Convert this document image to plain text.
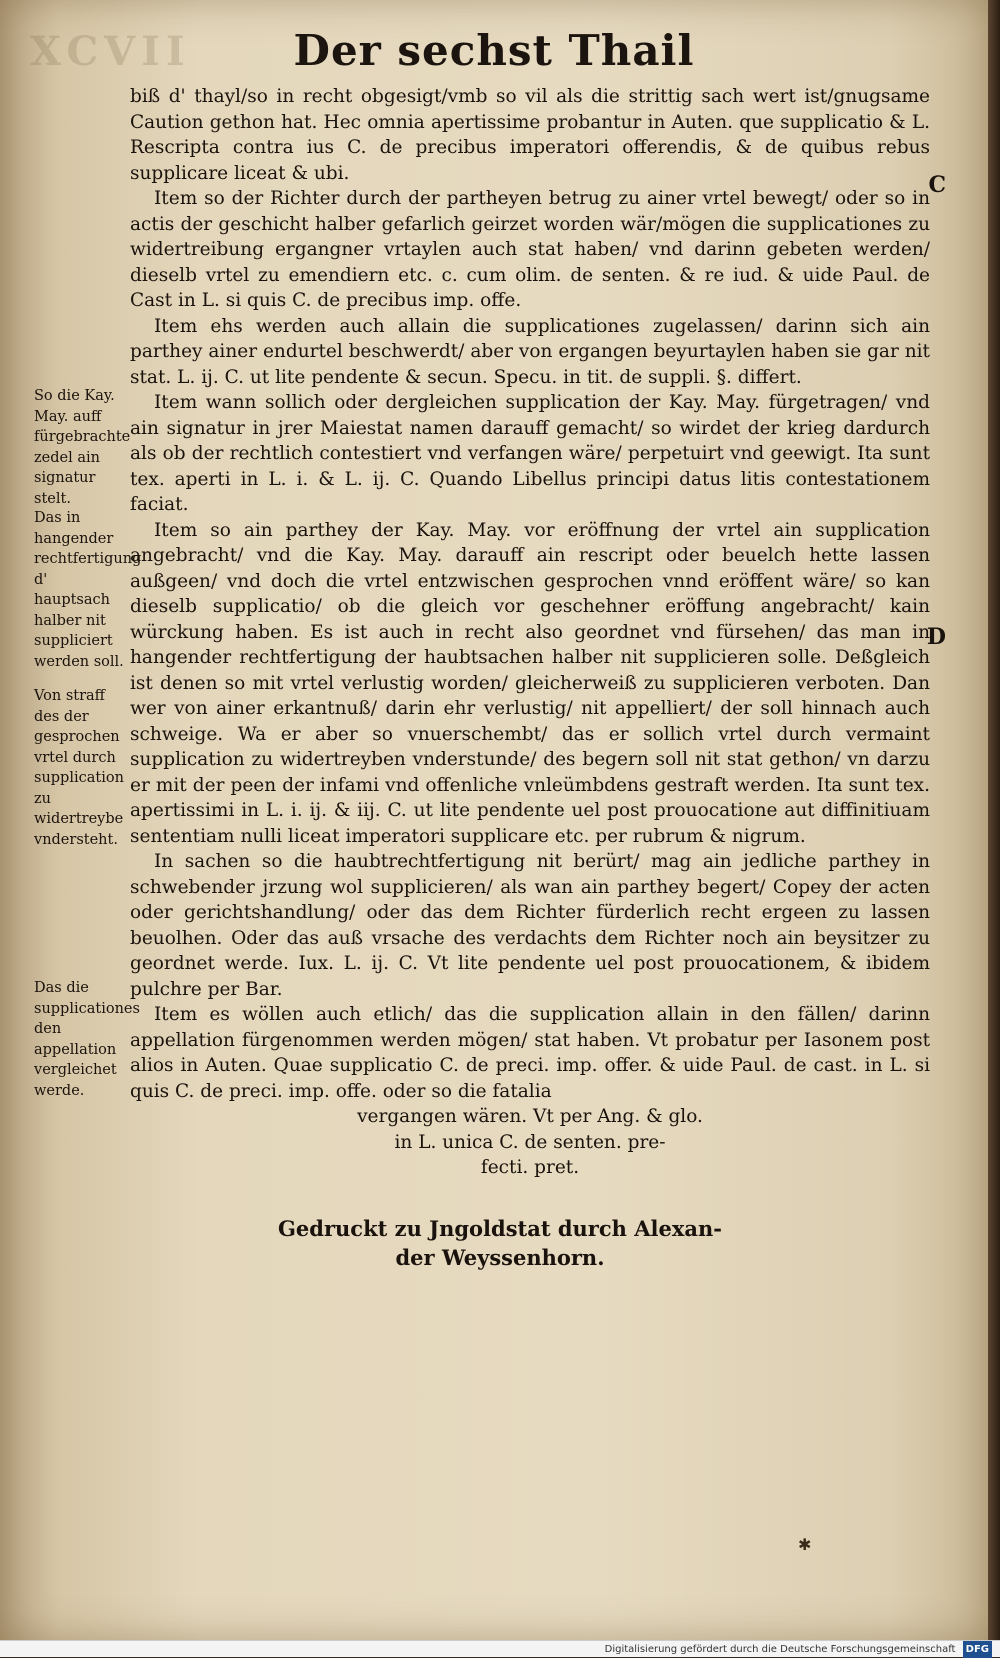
XCVII	Der sechst Thail
C
D
So die Kay. May. auff fürgebrachte zedel ain signatur stelt.
Das in hangender rechtfertigung d' hauptsach halber nit suppliciert werden soll.
Von straff des der gesprochen vrtel durch supplication zu widertreybe vndersteht.
Das die supplicationes den appellation vergleichet werde.

biß d' thayl/so in recht obgesigt/vmb so vil als die strittig sach wert ist/gnugsame Caution gethon hat. Hec omnia apertissime probantur in Auten. que supplicatio & L. Rescripta contra ius C. de precibus imperatori offerendis, & de quibus rebus supplicare liceat & ubi.

Item so der Richter durch der partheyen betrug zu ainer vrtel bewegt/ oder so in actis der geschicht halber gefarlich geirzet worden wär/mögen die supplicationes zu widertreibung ergangner vrtaylen auch stat haben/ vnd darinn gebeten werden/ dieselb vrtel zu emendiern etc. c. cum olim. de senten. & re iud. & uide Paul. de Cast in L. si quis C. de precibus imp. offe.

Item ehs werden auch allain die supplicationes zugelassen/ darinn sich ain parthey ainer endurtel beschwerdt/ aber von ergangen beyurtaylen haben sie gar nit stat. L. ij. C. ut lite pendente & secun. Specu. in tit. de suppli. §. differt.

Item wann sollich oder dergleichen supplication der Kay. May. fürgetragen/ vnd ain signatur in jrer Maiestat namen darauff gemacht/ so wirdet der krieg dardurch als ob der rechtlich contestiert vnd verfangen wäre/ perpetuirt vnd geewigt. Ita sunt tex. aperti in L. i. & L. ij. C. Quando Libellus principi datus litis contestationem faciat.

Item so ain parthey der Kay. May. vor eröffnung der vrtel ain supplication angebracht/ vnd die Kay. May. darauff ain rescript oder beuelch hette lassen außgeen/ vnd doch die vrtel entzwischen gesprochen vnnd eröffent wäre/ so kan dieselb supplicatio/ ob die gleich vor geschehner eröffung angebracht/ kain würckung haben. Es ist auch in recht also geordnet vnd fürsehen/ das man in hangender rechtfertigung der haubtsachen halber nit supplicieren solle. Deßgleich ist denen so mit vrtel verlustig worden/ gleicherweiß zu supplicieren verboten. Dan wer von ainer erkantnuß/ darin ehr verlustig/ nit appelliert/ der soll hinnach auch schweige. Wa er aber so vnuerschembt/ das er sollich vrtel durch vermaint supplication zu widertreyben vnderstunde/ des begern soll nit stat gethon/ vn darzu er mit der peen der infami vnd offenliche vnleümbdens gestraft werden. Ita sunt tex. apertissimi in L. i. ij. & iij. C. ut lite pendente uel post prouocatione aut diffinitiuam sententiam nulli liceat imperatori supplicare etc. per rubrum & nigrum.

In sachen so die haubtrechtfertigung nit berürt/ mag ain jedliche parthey in schwebender jrzung wol supplicieren/ als wan ain parthey begert/ Copey der acten oder gerichtshandlung/ oder das dem Richter fürderlich recht ergeen zu lassen beuolhen. Oder das auß vrsache des verdachts dem Richter noch ain beysitzer zu geordnet werde. Iux. L. ij. C. Vt lite pendente uel post prouocationem, & ibidem pulchre per Bar.

Item es wöllen auch etlich/ das die supplication allain in den fällen/ darinn appellation fürgenommen werden mögen/ stat haben. Vt probatur per Iasonem post alios in Auten. Quae supplicatio C. de preci. imp. offer. & uide Paul. de cast. in L. si quis C. de preci. imp. offe. oder so die fatalia

vergangen wären. Vt per Ang. & glo.
in L. unica C. de senten. pre-
fecti. pret.
Gedruckt zu Jngoldstat durch Alexan-
der Weyssenhorn.
✱
Digitalisierung gefördert durch die Deutsche Forschungsgemeinschaft DFG
